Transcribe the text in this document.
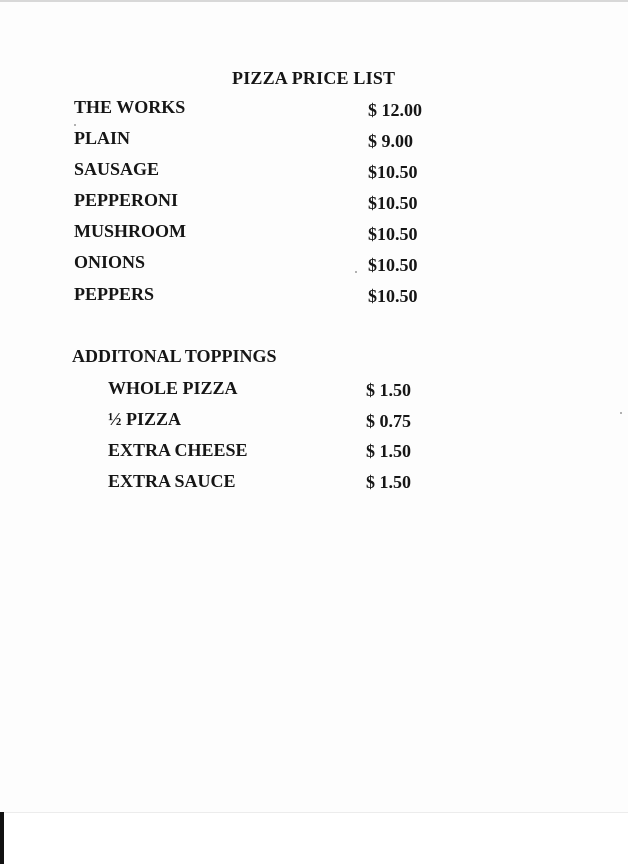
PIZZA PRICE LIST
THE WORKS	$ 12.00
PLAIN	$ 9.00
SAUSAGE	$10.50
PEPPERONI	$10.50
MUSHROOM	$10.50
ONIONS	$10.50
PEPPERS	$10.50
ADDITONAL TOPPINGS
WHOLE PIZZA	$ 1.50
½ PIZZA	$ 0.75
EXTRA CHEESE	$ 1.50
EXTRA SAUCE	$ 1.50
